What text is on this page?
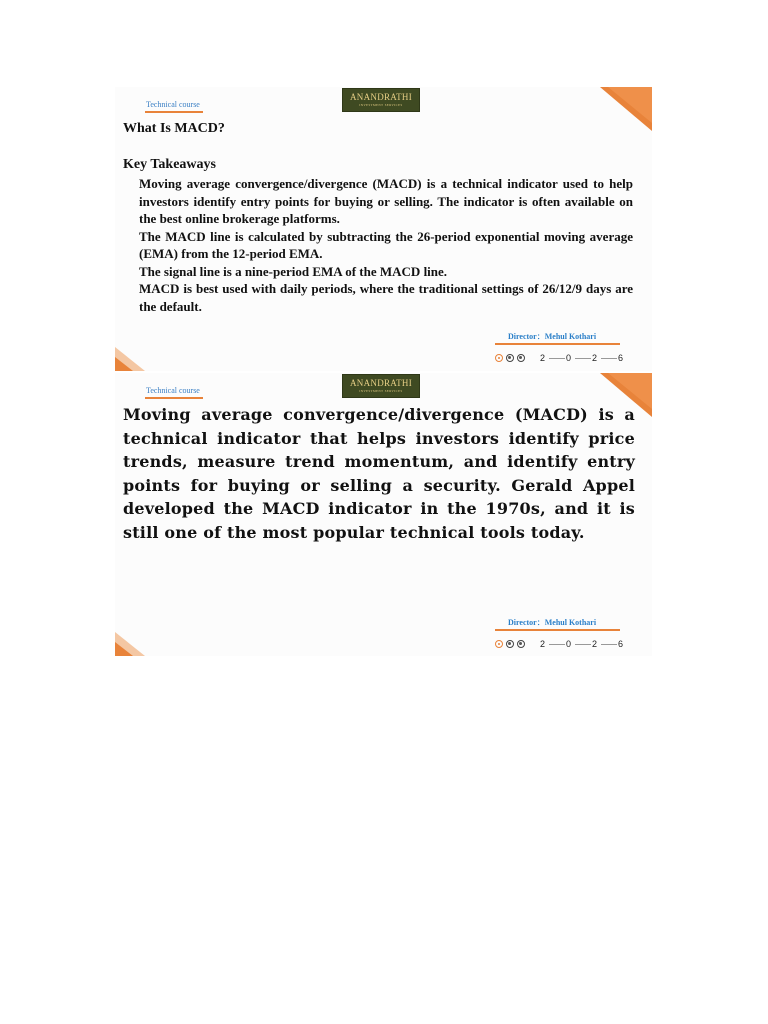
Technical course
ANANDRATHI
INVESTMENT SERVICES
What Is MACD?
Key Takeaways

Moving average convergence/divergence (MACD) is a technical indicator used to help investors identify entry points for buying or selling. The indicator is often available on the best online brokerage platforms.

The MACD line is calculated by subtracting the 26-period exponential moving average (EMA) from the 12-period EMA.

The signal line is a nine-period EMA of the MACD line.

MACD is best used with daily periods, where the traditional settings of 26/12/9 days are the default.

Director：Mehul Kothari
2 0 2 6
Technical course
ANANDRATHI
INVESTMENT SERVICES
Moving average convergence/divergence (MACD) is a technical indicator that helps investors identify price trends, measure trend momentum, and identify entry points for buying or selling a security. Gerald Appel developed the MACD indicator in the 1970s, and it is still one of the most popular technical tools today.
Director：Mehul Kothari
2 0 2 6
